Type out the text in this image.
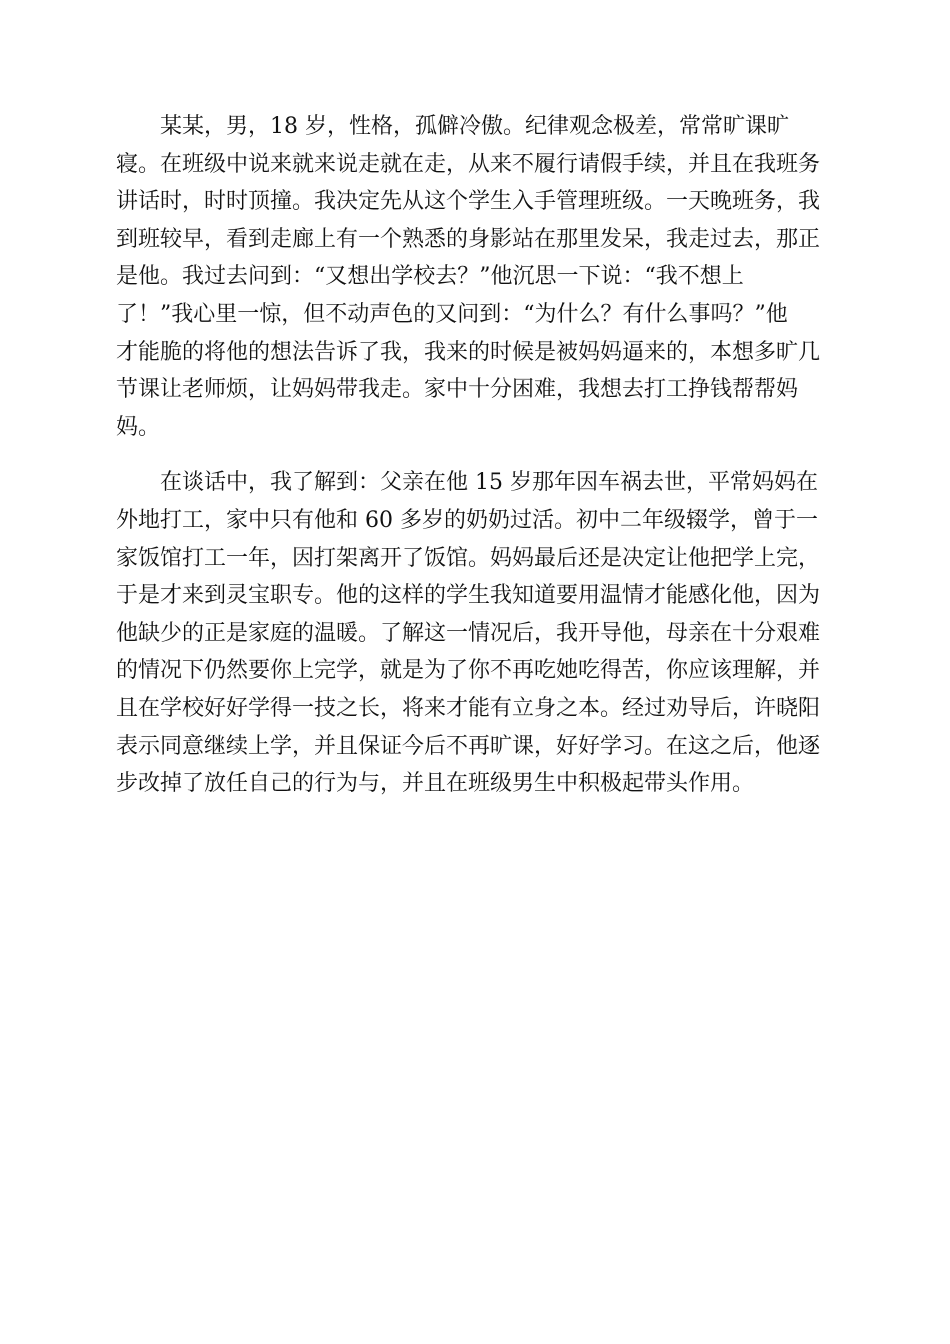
某某，男，18 岁，性格，孤僻冷傲。纪律观念极差，常常旷课旷
寝。在班级中说来就来说走就在走，从来不履行请假手续，并且在我班务
讲话时，时时顶撞。我决定先从这个学生入手管理班级。一天晚班务，我
到班较早，看到走廊上有一个熟悉的身影站在那里发呆，我走过去，那正
是他。我过去问到：“又想出学校去？”他沉思一下说：“我不想上
了！”我心里一惊，但不动声色的又问到：“为什么？有什么事吗？”他
才能脆的将他的想法告诉了我，我来的时候是被妈妈逼来的，本想多旷几
节课让老师烦，让妈妈带我走。家中十分困难，我想去打工挣钱帮帮妈
妈。
在谈话中，我了解到：父亲在他 15 岁那年因车祸去世，平常妈妈在
外地打工，家中只有他和 60 多岁的奶奶过活。初中二年级辍学，曾于一
家饭馆打工一年，因打架离开了饭馆。妈妈最后还是决定让他把学上完，
于是才来到灵宝职专。他的这样的学生我知道要用温情才能感化他，因为
他缺少的正是家庭的温暖。了解这一情况后，我开导他，母亲在十分艰难
的情况下仍然要你上完学，就是为了你不再吃她吃得苦，你应该理解，并
且在学校好好学得一技之长，将来才能有立身之本。经过劝导后，许晓阳
表示同意继续上学，并且保证今后不再旷课，好好学习。在这之后，他逐
步改掉了放任自己的行为与，并且在班级男生中积极起带头作用。
